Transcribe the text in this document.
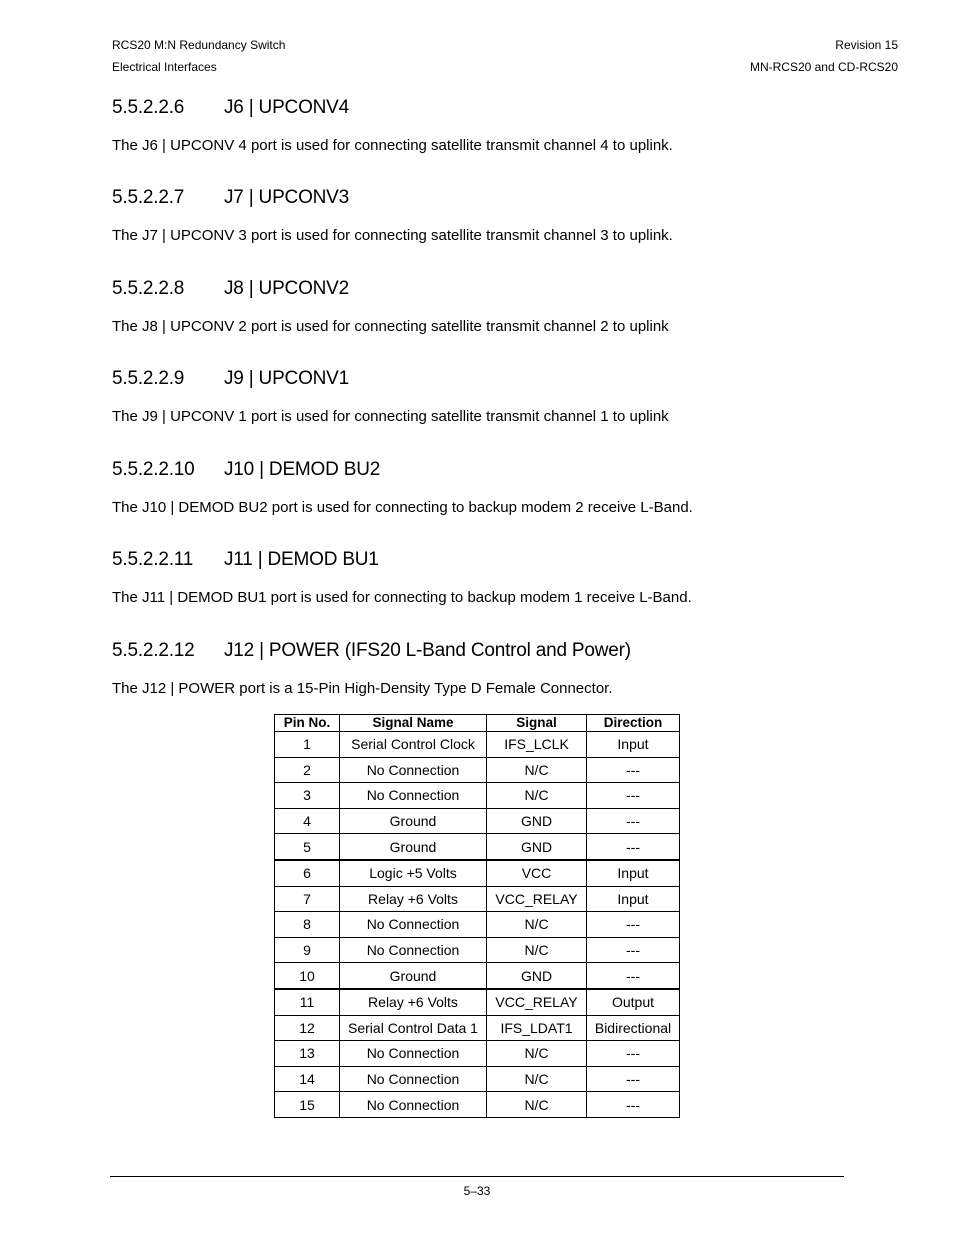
RCS20 M:N Redundancy Switch
Electrical Interfaces
Revision 15
MN-RCS20 and CD-RCS20
5.5.2.2.6 J6 | UPCONV4
The J6 | UPCONV 4 port is used for connecting satellite transmit channel 4 to uplink.
5.5.2.2.7 J7 | UPCONV3
The J7 | UPCONV 3 port is used for connecting satellite transmit channel 3 to uplink.
5.5.2.2.8 J8 | UPCONV2
The J8 | UPCONV 2 port is used for connecting satellite transmit channel 2 to uplink
5.5.2.2.9 J9 | UPCONV1
The J9 | UPCONV 1 port is used for connecting satellite transmit channel 1 to uplink
5.5.2.2.10 J10 | DEMOD BU2
The J10 | DEMOD BU2 port is used for connecting to backup modem 2 receive L-Band.
5.5.2.2.11 J11 | DEMOD BU1
The J11 | DEMOD BU1 port is used for connecting to backup modem 1 receive L-Band.
5.5.2.2.12 J12 | POWER (IFS20 L-Band Control and Power)
The J12 | POWER port is a 15-Pin High-Density Type D Female Connector.
Pin No.	Signal Name	Signal	Direction
1	Serial Control Clock	IFS_LCLK	Input
2	No Connection	N/C	---
3	No Connection	N/C	---
4	Ground	GND	---
5	Ground	GND	---
6	Logic +5 Volts	VCC	Input
7	Relay +6 Volts	VCC_RELAY	Input
8	No Connection	N/C	---
9	No Connection	N/C	---
10	Ground	GND	---
11	Relay +6 Volts	VCC_RELAY	Output
12	Serial Control Data 1	IFS_LDAT1	Bidirectional
13	No Connection	N/C	---
14	No Connection	N/C	---
15	No Connection	N/C	---
5–33
